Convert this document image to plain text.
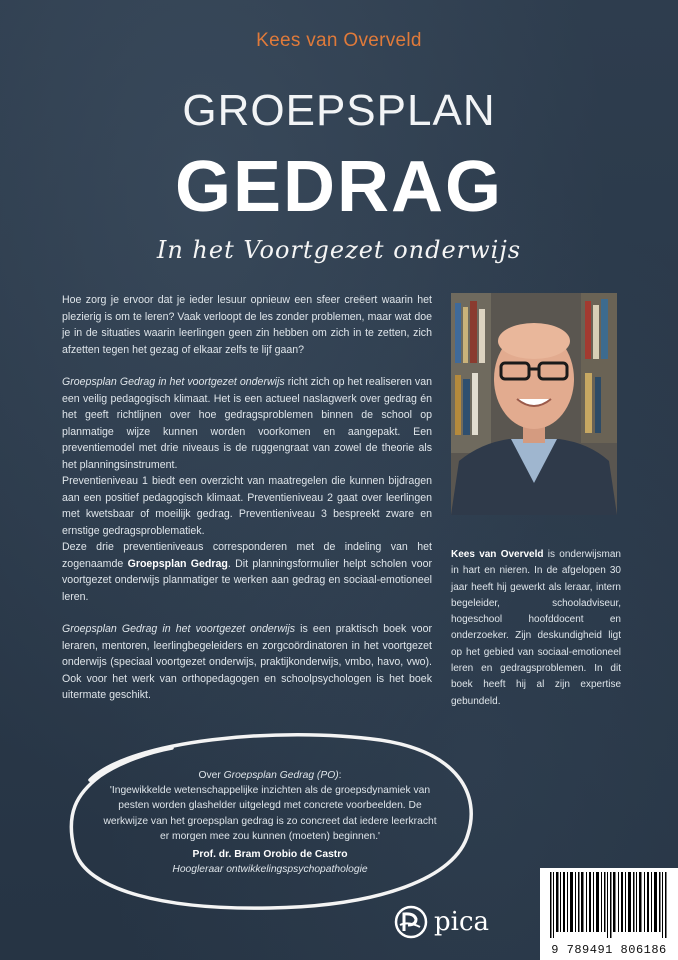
Kees van Overveld
GROEPSPLAN
GEDRAG
In het Voortgezet onderwijs

Hoe zorg je ervoor dat je ieder lesuur opnieuw een sfeer creëert waarin het plezierig is om te leren? Vaak verloopt de les zonder problemen, maar wat doe je in de situaties waarin leerlingen geen zin hebben om zich in te zetten, zich afzetten tegen het gezag of elkaar zelfs te lijf gaan?

Groepsplan Gedrag in het voortgezet onderwijs richt zich op het realiseren van een veilig pedagogisch klimaat. Het is een actueel naslagwerk over gedrag én het geeft richtlijnen over hoe gedragsproblemen binnen de school op planmatige wijze kunnen worden voorkomen en aangepakt. Een preventiemodel met drie niveaus is de ruggengraat van zowel de theorie als het planningsinstrument.

Preventieniveau 1 biedt een overzicht van maatregelen die kunnen bijdragen aan een positief pedagogisch klimaat. Preventieniveau 2 gaat over leerlingen met kwetsbaar of moeilijk gedrag. Preventieniveau 3 bespreekt zware en ernstige gedragsproblematiek.

Deze drie preventieniveaus corresponderen met de indeling van het zogenaamde Groepsplan Gedrag. Dit planningsformulier helpt scholen voor voortgezet onderwijs planmatiger te werken aan gedrag en sociaal-emotioneel leren.

Groepsplan Gedrag in het voortgezet onderwijs is een praktisch boek voor leraren, mentoren, leerlingbegeleiders en zorgcoördinatoren in het voortgezet onderwijs (speciaal voortgezet onderwijs, praktijkonderwijs, vmbo, havo, vwo). Ook voor het werk van orthopedagogen en schoolpsychologen is het boek uitermate geschikt.

Kees van Overveld is onderwijsman in hart en nieren. In de afgelopen 30 jaar heeft hij gewerkt als leraar, intern begeleider, schooladviseur, hogeschool hoofddocent en onderzoeker. Zijn deskundigheid ligt op het gebied van sociaal-emotioneel leren en gedragsproblemen. In dit boek heeft hij al zijn expertise gebundeld.
Over Groepsplan Gedrag (PO):
'Ingewikkelde wetenschappelijke inzichten als de groepsdynamiek van pesten worden glashelder uitgelegd met concrete voorbeelden. De werkwijze van het groepsplan gedrag is zo concreet dat iedere leerkracht er morgen mee zou kunnen (moeten) beginnen.'
Prof. dr. Bram Orobio de Castro
Hoogleraar ontwikkelingspsychopathologie
pica
9 789491 806186
